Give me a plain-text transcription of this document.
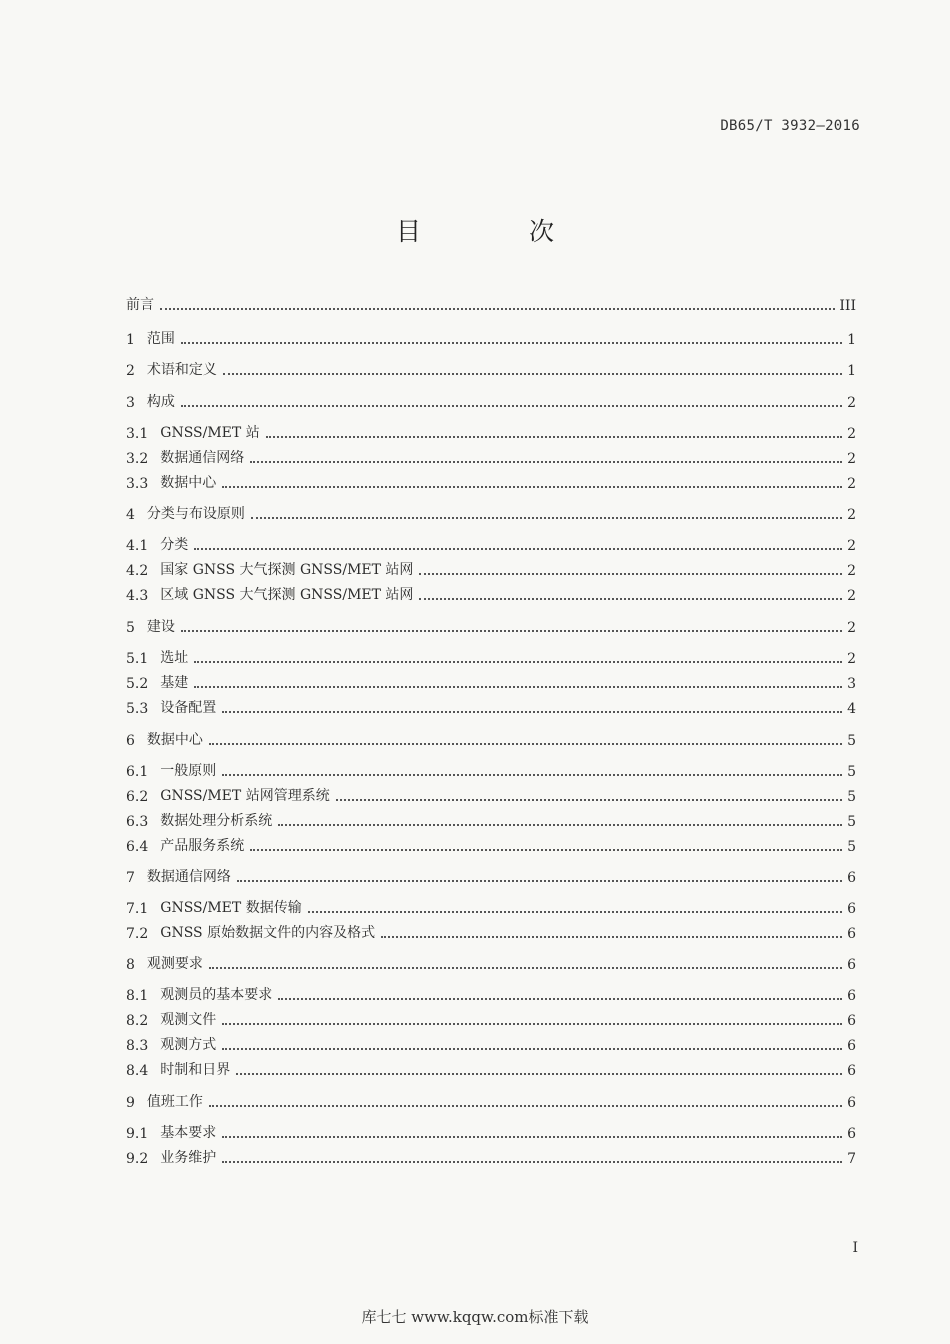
DB65/T 3932—2016
目 次
前言	III
1 范围	1
2 术语和定义	1
3 构成	2
3.1 GNSS/MET 站	2
3.2 数据通信网络	2
3.3 数据中心	2
4 分类与布设原则	2
4.1 分类	2
4.2 国家 GNSS 大气探测 GNSS/MET 站网	2
4.3 区域 GNSS 大气探测 GNSS/MET 站网	2
5 建设	2
5.1 选址	2
5.2 基建	3
5.3 设备配置	4
6 数据中心	5
6.1 一般原则	5
6.2 GNSS/MET 站网管理系统	5
6.3 数据处理分析系统	5
6.4 产品服务系统	5
7 数据通信网络	6
7.1 GNSS/MET 数据传输	6
7.2 GNSS 原始数据文件的内容及格式	6
8 观测要求	6
8.1 观测员的基本要求	6
8.2 观测文件	6
8.3 观测方式	6
8.4 时制和日界	6
9 值班工作	6
9.1 基本要求	6
9.2 业务维护	7
I
库七七 www.kqqw.com标准下载
